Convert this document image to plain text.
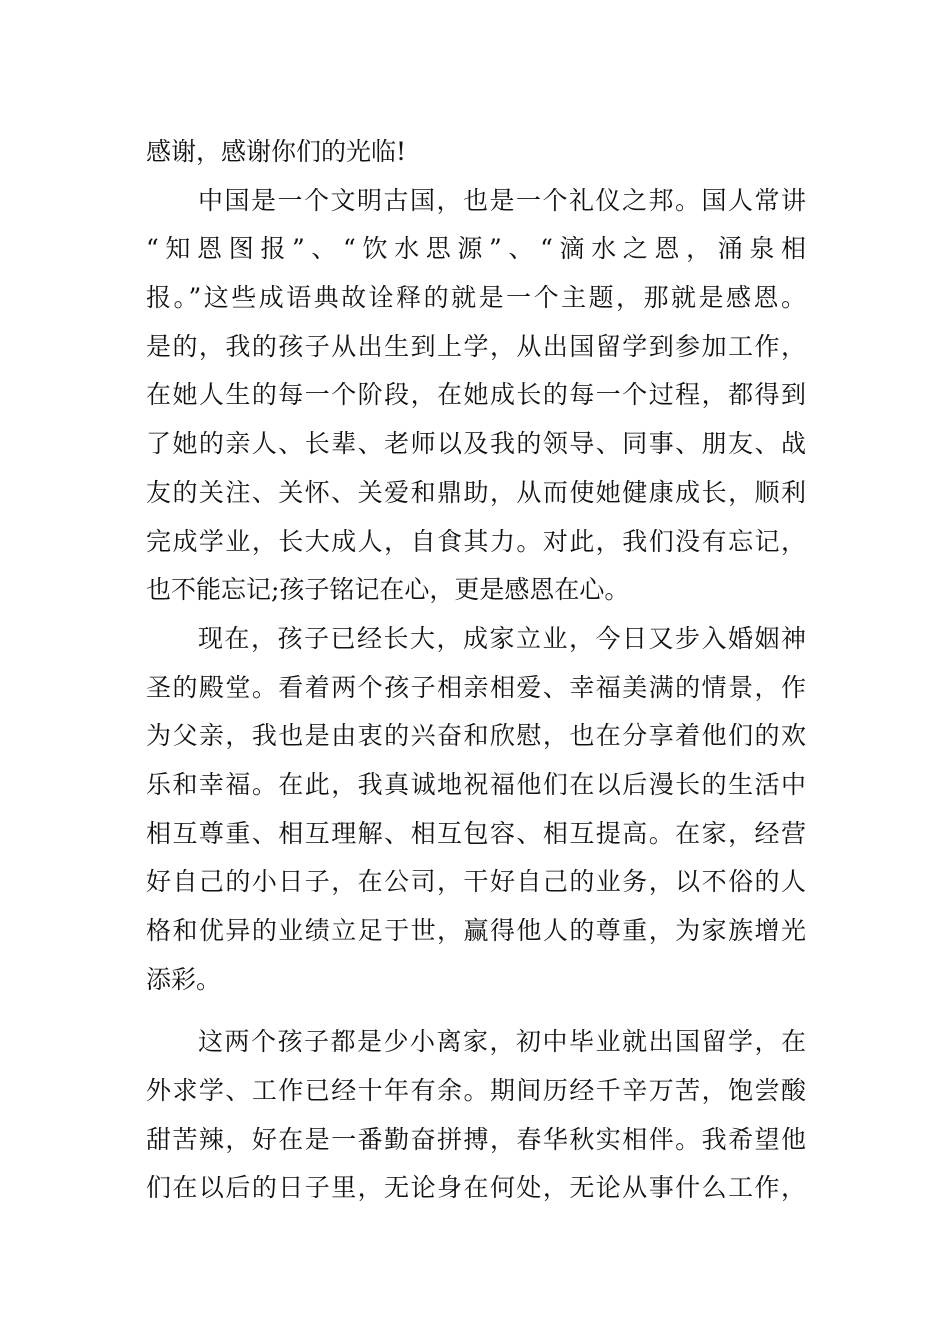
感谢，感谢你们的光临!
中国是一个文明古国，也是一个礼仪之邦。国人常讲
“知恩图报”、“饮水思源”、“滴水之恩，涌泉相
报。”这些成语典故诠释的就是一个主题，那就是感恩。
是的，我的孩子从出生到上学，从出国留学到参加工作，
在她人生的每一个阶段，在她成长的每一个过程，都得到
了她的亲人、长辈、老师以及我的领导、同事、朋友、战
友的关注、关怀、关爱和鼎助，从而使她健康成长，顺利
完成学业，长大成人，自食其力。对此，我们没有忘记，
也不能忘记;孩子铭记在心，更是感恩在心。
现在，孩子已经长大，成家立业，今日又步入婚姻神
圣的殿堂。看着两个孩子相亲相爱、幸福美满的情景，作
为父亲，我也是由衷的兴奋和欣慰，也在分享着他们的欢
乐和幸福。在此，我真诚地祝福他们在以后漫长的生活中
相互尊重、相互理解、相互包容、相互提高。在家，经营
好自己的小日子，在公司，干好自己的业务，以不俗的人
格和优异的业绩立足于世，赢得他人的尊重，为家族增光
添彩。
这两个孩子都是少小离家，初中毕业就出国留学，在
外求学、工作已经十年有余。期间历经千辛万苦，饱尝酸
甜苦辣，好在是一番勤奋拼搏，春华秋实相伴。我希望他
们在以后的日子里，无论身在何处，无论从事什么工作，
